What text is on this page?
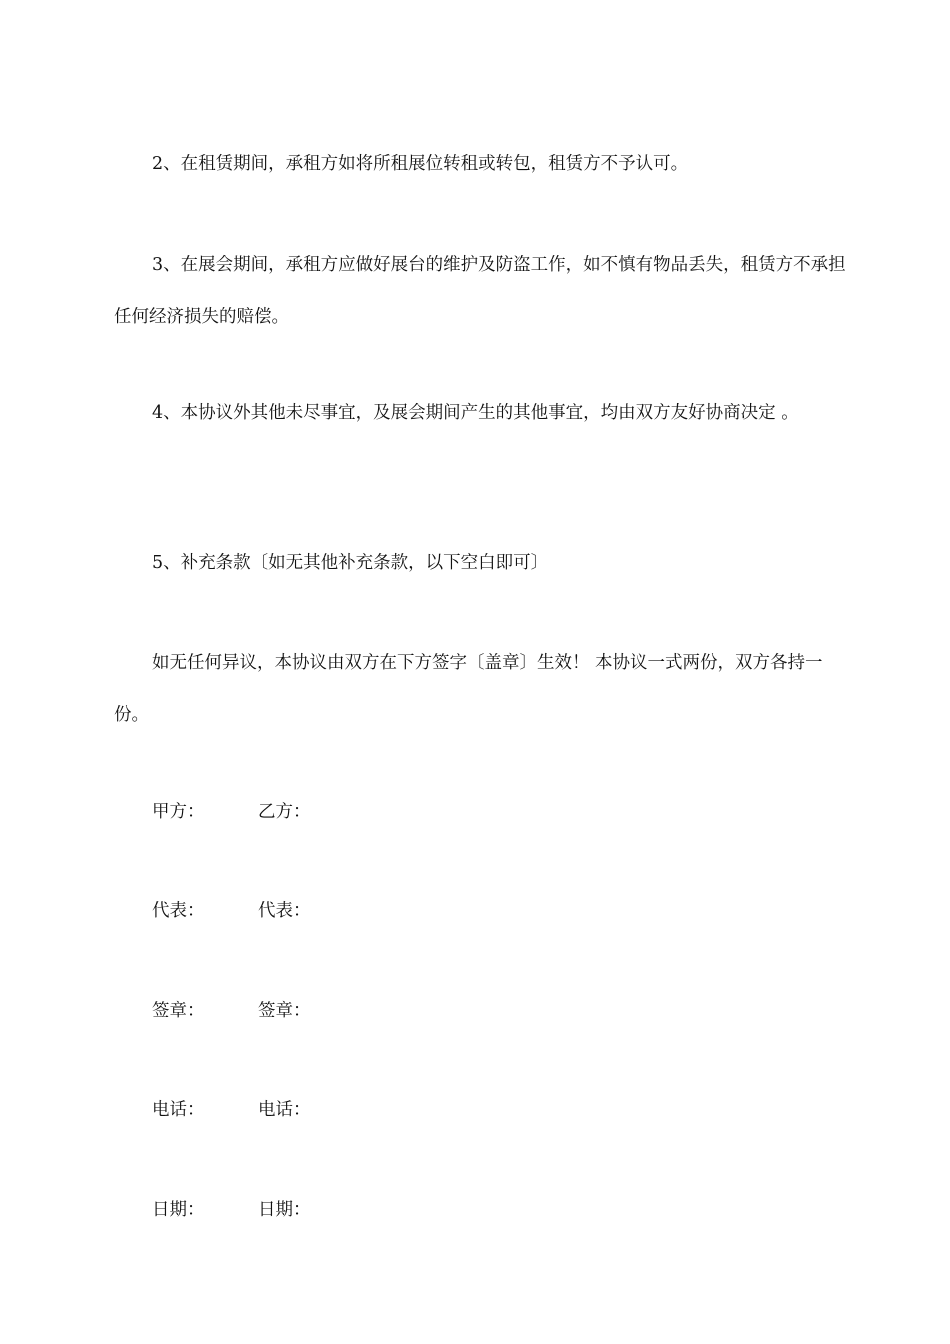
2、在租赁期间，承租方如将所租展位转租或转包，租赁方不予认可。

3、在展会期间，承租方应做好展台的维护及防盗工作，如不慎有物品丢失，租赁方不承担任何经济损失的赔偿。

4、本协议外其他未尽事宜，及展会期间产生的其他事宜，均由双方友好协商决定 。

5、补充条款〔如无其他补充条款，以下空白即可〕

如无任何异议，本协议由双方在下方签字〔盖章〕生效！ 本协议一式两份，双方各持一份。

甲方：	乙方：
代表：	代表：
签章：	签章：
电话：	电话：
日期：	日期：
